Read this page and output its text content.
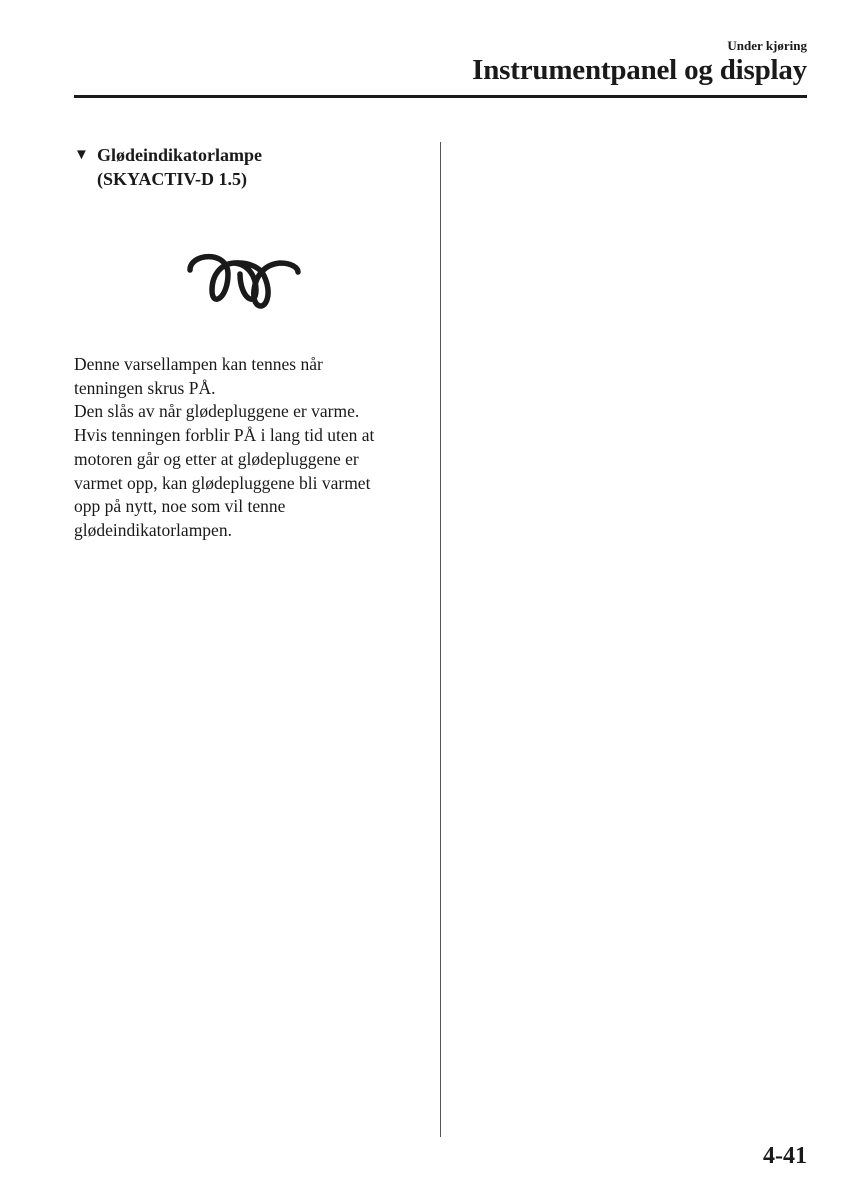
Under kjøring
Instrumentpanel og display
▼ Glødeindikatorlampe
(SKYACTIV-D 1.5)
Denne varsellampen kan tennes når
tenningen skrus PÅ.
Den slås av når glødepluggene er varme.
Hvis tenningen forblir PÅ i lang tid uten at
motoren går og etter at glødepluggene er
varmet opp, kan glødepluggene bli varmet
opp på nytt, noe som vil tenne
glødeindikatorlampen.
4-41
